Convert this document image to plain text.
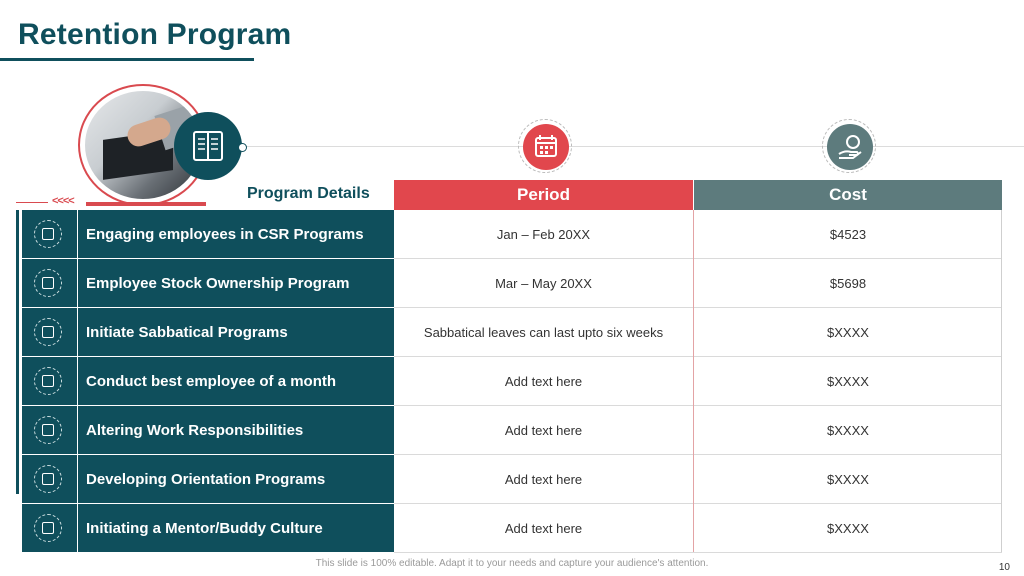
Retention Program
<<<<	Program Details	Period	Cost
Engaging employees in CSR Programs	Jan – Feb 20XX	$4523
Employee Stock Ownership Program	Mar – May 20XX	$5698
Initiate Sabbatical Programs	Sabbatical leaves can last upto six weeks	$XXXX
Conduct best employee of a month	Add text here	$XXXX
Altering Work Responsibilities	Add text here	$XXXX
Developing Orientation Programs	Add text here	$XXXX
Initiating a Mentor/Buddy Culture	Add text here	$XXXX
This slide is 100% editable. Adapt it to your needs and capture your audience's attention.	10
